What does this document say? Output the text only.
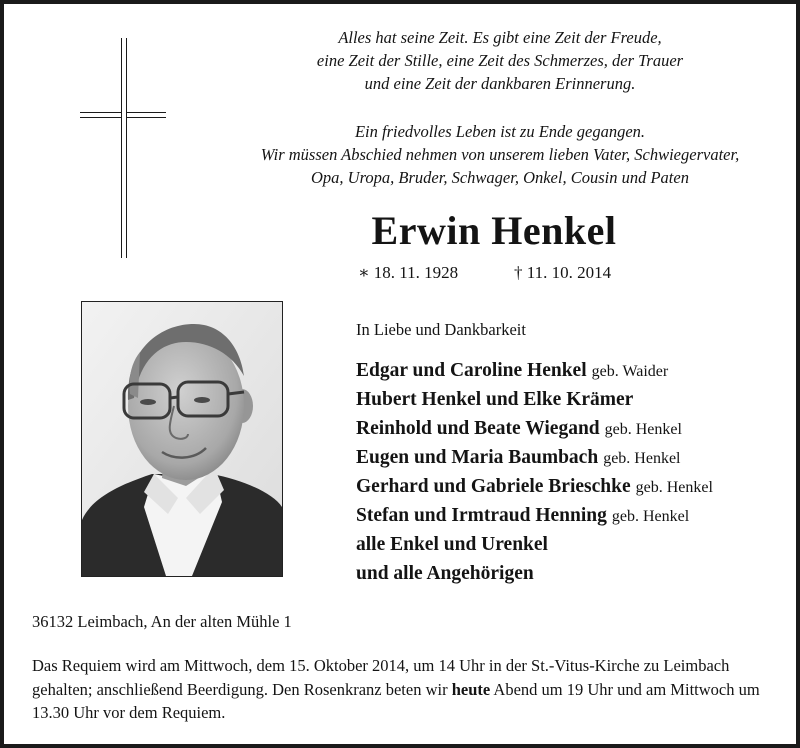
Alles hat seine Zeit. Es gibt eine Zeit der Freude,

eine Zeit der Stille, eine Zeit des Schmerzes, der Trauer

und eine Zeit der dankbaren Erinnerung.

Ein friedvolles Leben ist zu Ende gegangen.

Wir müssen Abschied nehmen von unserem lieben Vater, Schwiegervater,

Opa, Uropa, Bruder, Schwager, Onkel, Cousin und Paten

Erwin Henkel
∗ 18. 11. 1928	† 11. 10. 2014
In Liebe und Dankbarkeit
Edgar und Caroline Henkel geb. Waider
Hubert Henkel und Elke Krämer
Reinhold und Beate Wiegand geb. Henkel
Eugen und Maria Baumbach geb. Henkel
Gerhard und Gabriele Brieschke geb. Henkel
Stefan und Irmtraud Henning geb. Henkel
alle Enkel und Urenkel
und alle Angehörigen
36132 Leimbach, An der alten Mühle 1
Das Requiem wird am Mittwoch, dem 15. Oktober 2014, um 14 Uhr in der St.-Vitus-Kirche zu Leimbach gehalten; anschließend Beerdigung. Den Rosenkranz beten wir heute Abend um 19 Uhr und am Mittwoch um 13.30 Uhr vor dem Requiem.
